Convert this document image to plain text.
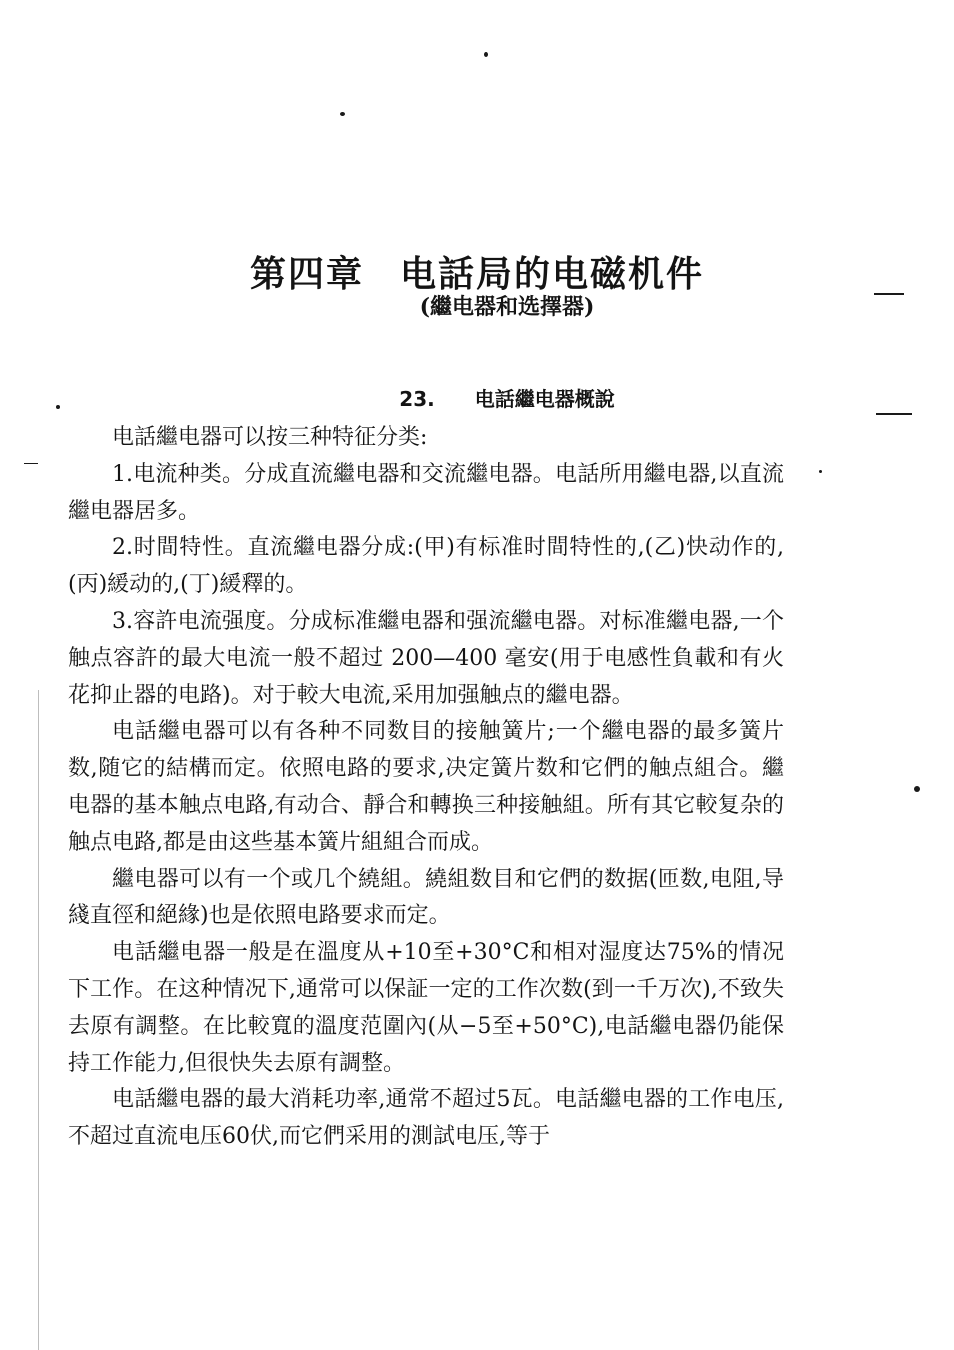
第四章 电話局的电磁机件
(繼电器和选擇器)
23. 电話繼电器概說

电話繼电器可以按三种特征分类:

1.电流种类。分成直流繼电器和交流繼电器。电話所用繼电器,以直流繼电器居多。

2.时間特性。直流繼电器分成:(甲)有标准时間特性的,(乙)快动作的,(丙)緩动的,(丁)緩釋的。

3.容許电流强度。分成标准繼电器和强流繼电器。对标准繼电器,一个触点容許的最大电流一般不超过 200—400 毫安(用于电感性負載和有火花抑止器的电路)。对于較大电流,采用加强触点的繼电器。

电話繼电器可以有各种不同数目的接触簧片;一个繼电器的最多簧片数,随它的結構而定。依照电路的要求,决定簧片数和它們的触点組合。繼电器的基本触点电路,有动合、靜合和轉换三种接触組。所有其它較复杂的触点电路,都是由这些基本簧片組組合而成。

繼电器可以有一个或几个繞組。繞組数目和它們的数据(匝数,电阻,导綫直徑和絕緣)也是依照电路要求而定。

电話繼电器一般是在溫度从+10至+30°C和相对湿度达75%的情况下工作。在这种情况下,通常可以保証一定的工作次数(到一千万次),不致失去原有調整。在比較寬的溫度范圍內(从−5至+50°C),电話繼电器仍能保持工作能力,但很快失去原有調整。

电話繼电器的最大消耗功率,通常不超过5瓦。电話繼电器的工作电压,不超过直流电压60伏,而它們采用的測試电压,等于
